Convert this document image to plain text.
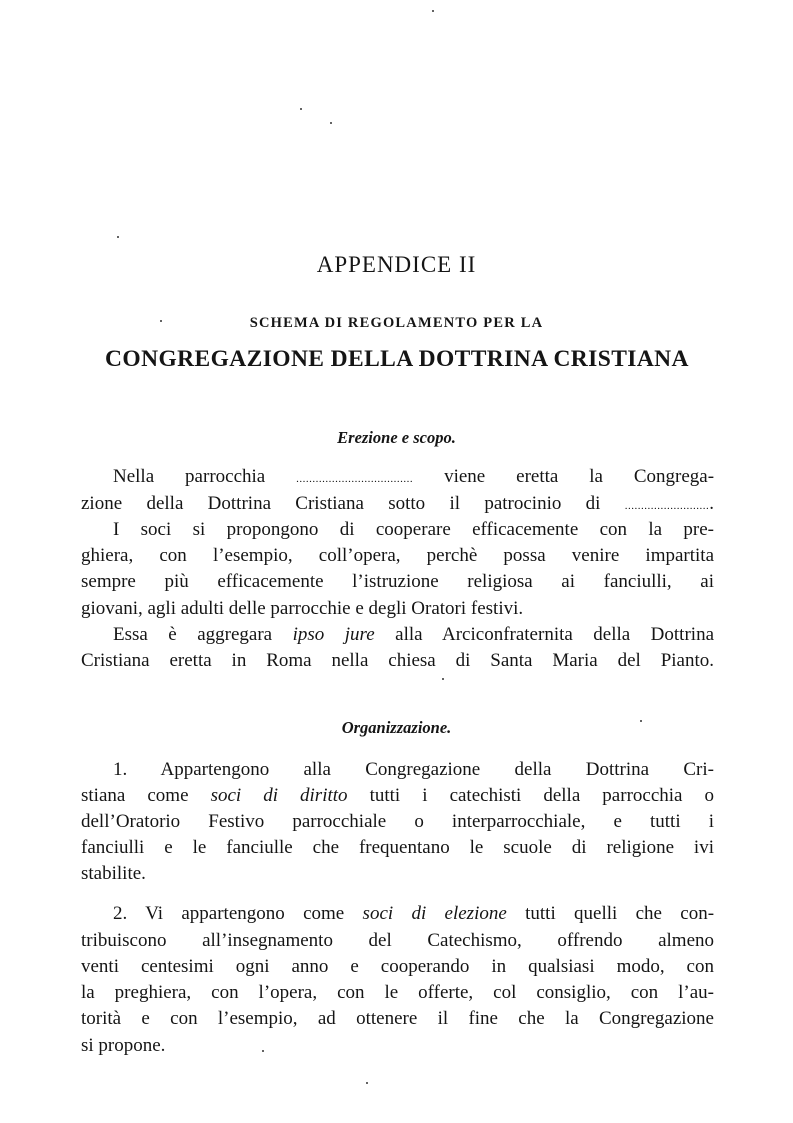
APPENDICE II
SCHEMA DI REGOLAMENTO PER LA
CONGREGAZIONE DELLA DOTTRINA CRISTIANA
Erezione e scopo.
Nella parrocchia	.................................... viene eretta la Congrega-
zione della Dottrina Cristiana sotto il patrocinio di ...........................
I soci si propongono di cooperare efficacemente con la pre-
ghiera, con l’esempio, coll’opera, perchè possa venire impartita
sempre più efficacemente l’istruzione religiosa ai fanciulli, ai
giovani, agli adulti delle parrocchie e degli Oratori festivi.
Essa è aggregara ipso jure alla Arciconfraternita della Dottrina
Cristiana eretta in Roma nella chiesa di Santa Maria del Pianto.
Organizzazione.
1. Appartengono alla Congregazione della Dottrina Cri-
stiana come soci di diritto tutti i catechisti della parrocchia o
dell’Oratorio Festivo parrocchiale o interparrocchiale, e tutti i
fanciulli e le fanciulle che frequentano le scuole di religione ivi
stabilite.
2. Vi appartengono come soci di elezione tutti quelli che con-
tribuiscono all’insegnamento del Catechismo, offrendo almeno
venti centesimi ogni anno e cooperando in qualsiasi modo, con
la preghiera, con l’opera, con le offerte, col consiglio, con l’au-
torità e con l’esempio, ad ottenere il fine che la Congregazione
si propone.
